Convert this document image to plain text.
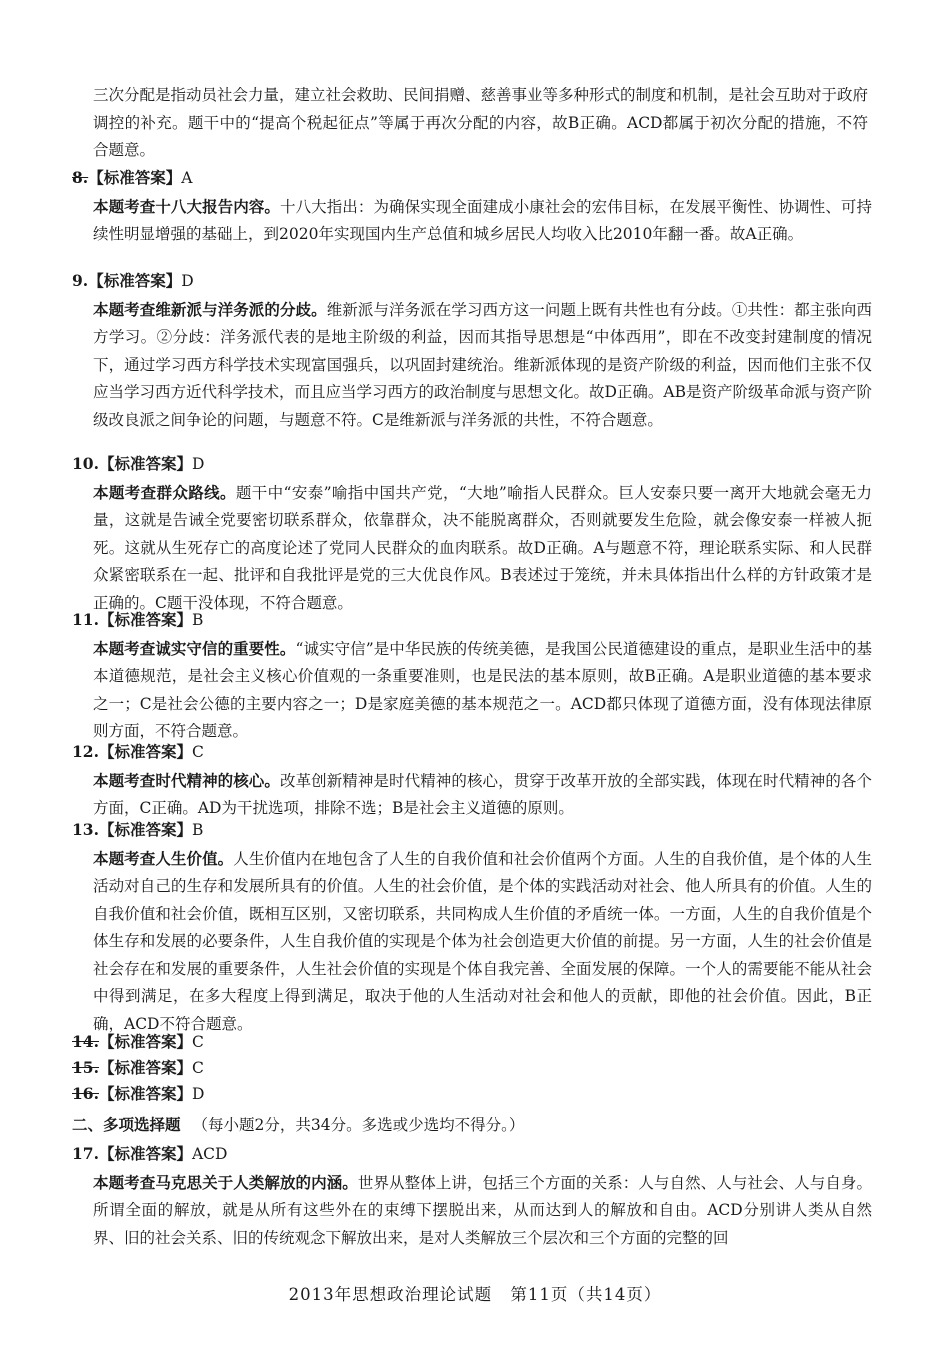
三次分配是指动员社会力量，建立社会救助、民间捐赠、慈善事业等多种形式的制度和机制，是社会互助对于政府调控的补充。题干中的“提高个税起征点”等属于再次分配的内容，故B正确。ACD都属于初次分配的措施，不符合题意。

8.【标准答案】A

本题考查十八大报告内容。十八大指出：为确保实现全面建成小康社会的宏伟目标，在发展平衡性、协调性、可持续性明显增强的基础上，到2020年实现国内生产总值和城乡居民人均收入比2010年翻一番。故A正确。

9.【标准答案】D

本题考查维新派与洋务派的分歧。维新派与洋务派在学习西方这一问题上既有共性也有分歧。①共性：都主张向西方学习。②分歧：洋务派代表的是地主阶级的利益，因而其指导思想是“中体西用”，即在不改变封建制度的情况下，通过学习西方科学技术实现富国强兵，以巩固封建统治。维新派体现的是资产阶级的利益，因而他们主张不仅应当学习西方近代科学技术，而且应当学习西方的政治制度与思想文化。故D正确。AB是资产阶级革命派与资产阶级改良派之间争论的问题，与题意不符。C是维新派与洋务派的共性，不符合题意。

10.【标准答案】D

本题考查群众路线。题干中“安泰”喻指中国共产党，“大地”喻指人民群众。巨人安泰只要一离开大地就会毫无力量，这就是告诫全党要密切联系群众，依靠群众，决不能脱离群众，否则就要发生危险，就会像安泰一样被人扼死。这就从生死存亡的高度论述了党同人民群众的血肉联系。故D正确。A与题意不符，理论联系实际、和人民群众紧密联系在一起、批评和自我批评是党的三大优良作风。B表述过于笼统，并未具体指出什么样的方针政策才是正确的。C题干没体现，不符合题意。

11.【标准答案】B

本题考查诚实守信的重要性。“诚实守信”是中华民族的传统美德，是我国公民道德建设的重点，是职业生活中的基本道德规范，是社会主义核心价值观的一条重要准则，也是民法的基本原则，故B正确。A是职业道德的基本要求之一；C是社会公德的主要内容之一；D是家庭美德的基本规范之一。ACD都只体现了道德方面，没有体现法律原则方面，不符合题意。

12.【标准答案】C

本题考查时代精神的核心。改革创新精神是时代精神的核心，贯穿于改革开放的全部实践，体现在时代精神的各个方面，C正确。AD为干扰选项，排除不选；B是社会主义道德的原则。

13.【标准答案】B

本题考查人生价值。人生价值内在地包含了人生的自我价值和社会价值两个方面。人生的自我价值，是个体的人生活动对自己的生存和发展所具有的价值。人生的社会价值，是个体的实践活动对社会、他人所具有的价值。人生的自我价值和社会价值，既相互区别，又密切联系，共同构成人生价值的矛盾统一体。一方面，人生的自我价值是个体生存和发展的必要条件，人生自我价值的实现是个体为社会创造更大价值的前提。另一方面，人生的社会价值是社会存在和发展的重要条件，人生社会价值的实现是个体自我完善、全面发展的保障。一个人的需要能不能从社会中得到满足，在多大程度上得到满足，取决于他的人生活动对社会和他人的贡献，即他的社会价值。因此，B正确，ACD不符合题意。

14.【标准答案】C

15.【标准答案】C

16.【标准答案】D

二、多项选择题 （每小题2分，共34分。多选或少选均不得分。）

17.【标准答案】ACD

本题考查马克思关于人类解放的内涵。世界从整体上讲，包括三个方面的关系：人与自然、人与社会、人与自身。所谓全面的解放，就是从所有这些外在的束缚下摆脱出来，从而达到人的解放和自由。ACD分别讲人类从自然界、旧的社会关系、旧的传统观念下解放出来，是对人类解放三个层次和三个方面的完整的回

2013年思想政治理论试题 第11页（共14页）
